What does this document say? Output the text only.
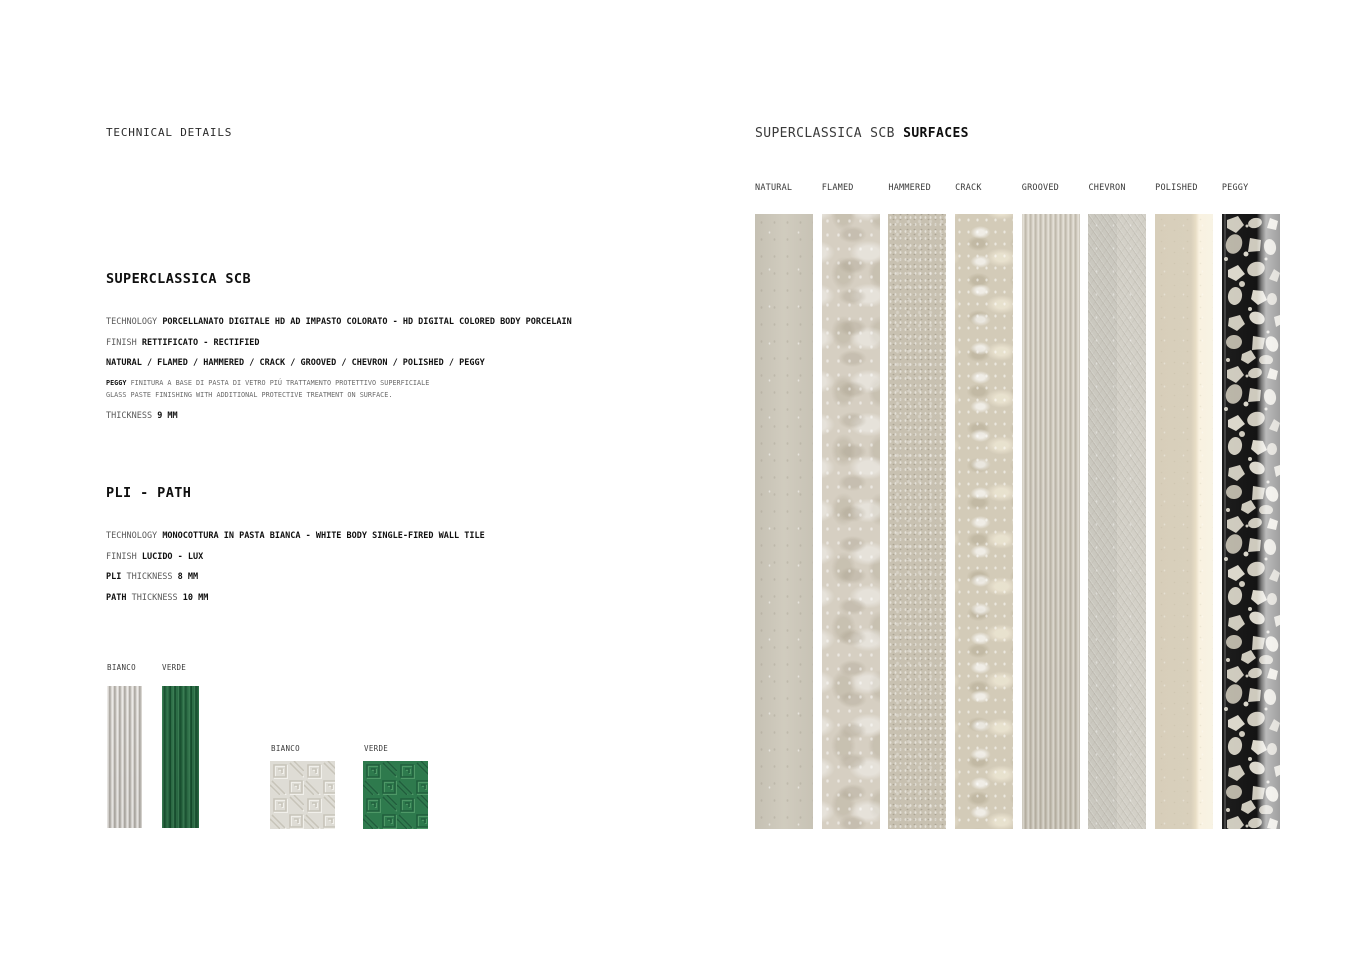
TECHNICAL DETAILS
SUPERCLASSICA SCB
TECHNOLOGY PORCELLANATO DIGITALE HD AD IMPASTO COLORATO - HD DIGITAL COLORED BODY PORCELAIN
FINISH RETTIFICATO - RECTIFIED
NATURAL / FLAMED / HAMMERED / CRACK / GROOVED / CHEVRON / POLISHED / PEGGY
PEGGY FINITURA A BASE DI PASTA DI VETRO PIÚ TRATTAMENTO PROTETTIVO SUPERFICIALE
GLASS PASTE FINISHING WITH ADDITIONAL PROTECTIVE TREATMENT ON SURFACE.
THICKNESS 9 MM
PLI - PATH
TECHNOLOGY MONOCOTTURA IN PASTA BIANCA - WHITE BODY SINGLE-FIRED WALL TILE
FINISH LUCIDO - LUX
PLI THICKNESS 8 MM
PATH THICKNESS 10 MM
BIANCO	VERDE
BIANCO	VERDE
SUPERCLASSICA SCB SURFACES
NATURAL	FLAMED	HAMMERED	CRACK	GROOVED	CHEVRON	POLISHED	PEGGY
